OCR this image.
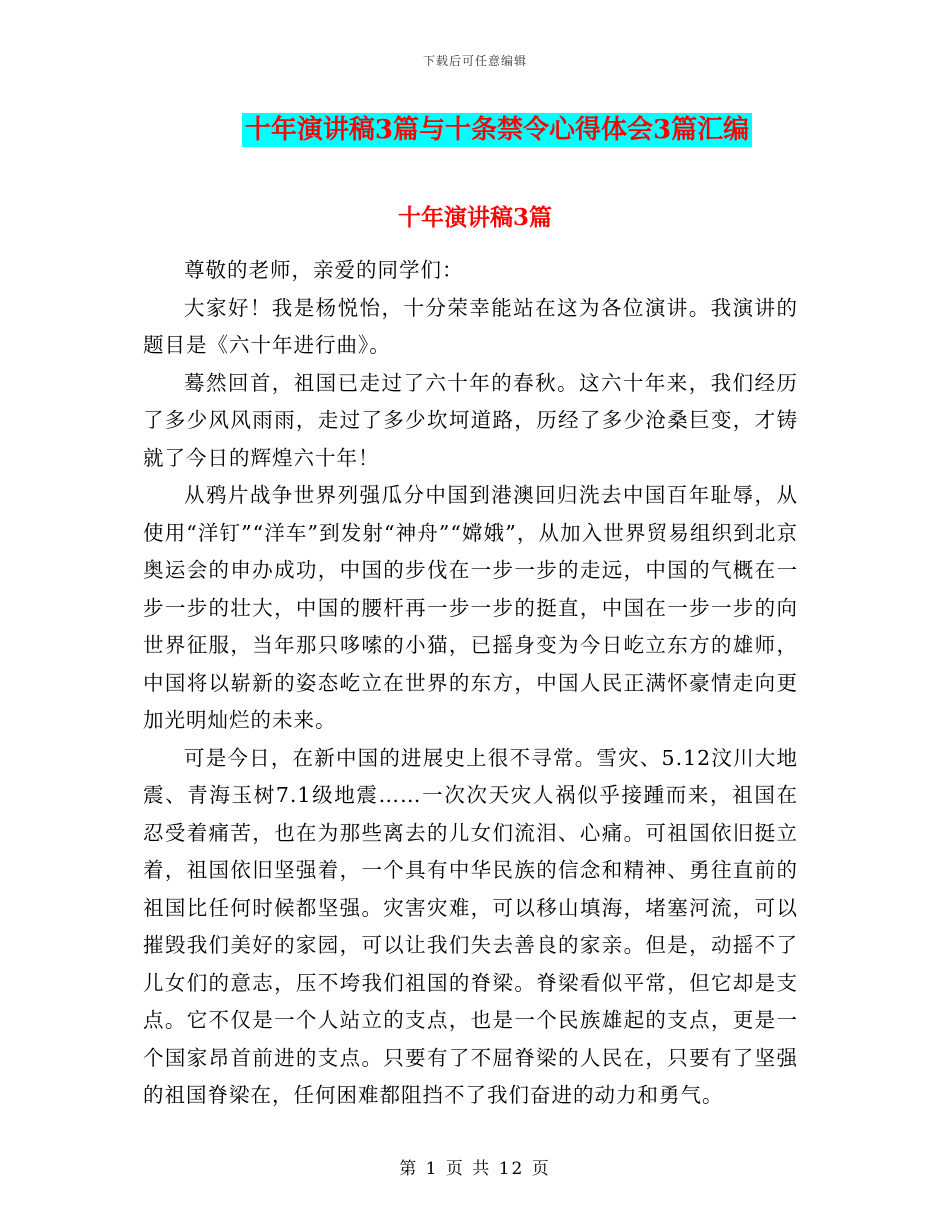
下载后可任意编辑
十年演讲稿3篇与十条禁令心得体会3篇汇编
十年演讲稿3篇

尊敬的老师，亲爱的同学们：

大家好！我是杨悦怡，十分荣幸能站在这为各位演讲。我演讲的题目是《六十年进行曲》。

蓦然回首，祖国已走过了六十年的春秋。这六十年来，我们经历了多少风风雨雨，走过了多少坎坷道路，历经了多少沧桑巨变，才铸就了今日的辉煌六十年！

从鸦片战争世界列强瓜分中国到港澳回归洗去中国百年耻辱，从使用“洋钉”“洋车”到发射“神舟”“嫦娥”，从加入世界贸易组织到北京奥运会的申办成功，中国的步伐在一步一步的走远，中国的气概在一步一步的壮大，中国的腰杆再一步一步的挺直，中国在一步一步的向世界征服，当年那只哆嗦的小猫，已摇身变为今日屹立东方的雄师，中国将以崭新的姿态屹立在世界的东方，中国人民正满怀豪情走向更加光明灿烂的未来。

可是今日，在新中国的进展史上很不寻常。雪灾、5.12汶川大地震、青海玉树7.1级地震……一次次天灾人祸似乎接踵而来，祖国在忍受着痛苦，也在为那些离去的儿女们流泪、心痛。可祖国依旧挺立着，祖国依旧坚强着，一个具有中华民族的信念和精神、勇往直前的祖国比任何时候都坚强。灾害灾难，可以移山填海，堵塞河流，可以摧毁我们美好的家园，可以让我们失去善良的家亲。但是，动摇不了儿女们的意志，压不垮我们祖国的脊梁。脊梁看似平常，但它却是支点。它不仅是一个人站立的支点，也是一个民族雄起的支点，更是一个国家昂首前进的支点。只要有了不屈脊梁的人民在，只要有了坚强的祖国脊梁在，任何困难都阻挡不了我们奋进的动力和勇气。

第 1 页 共 12 页
